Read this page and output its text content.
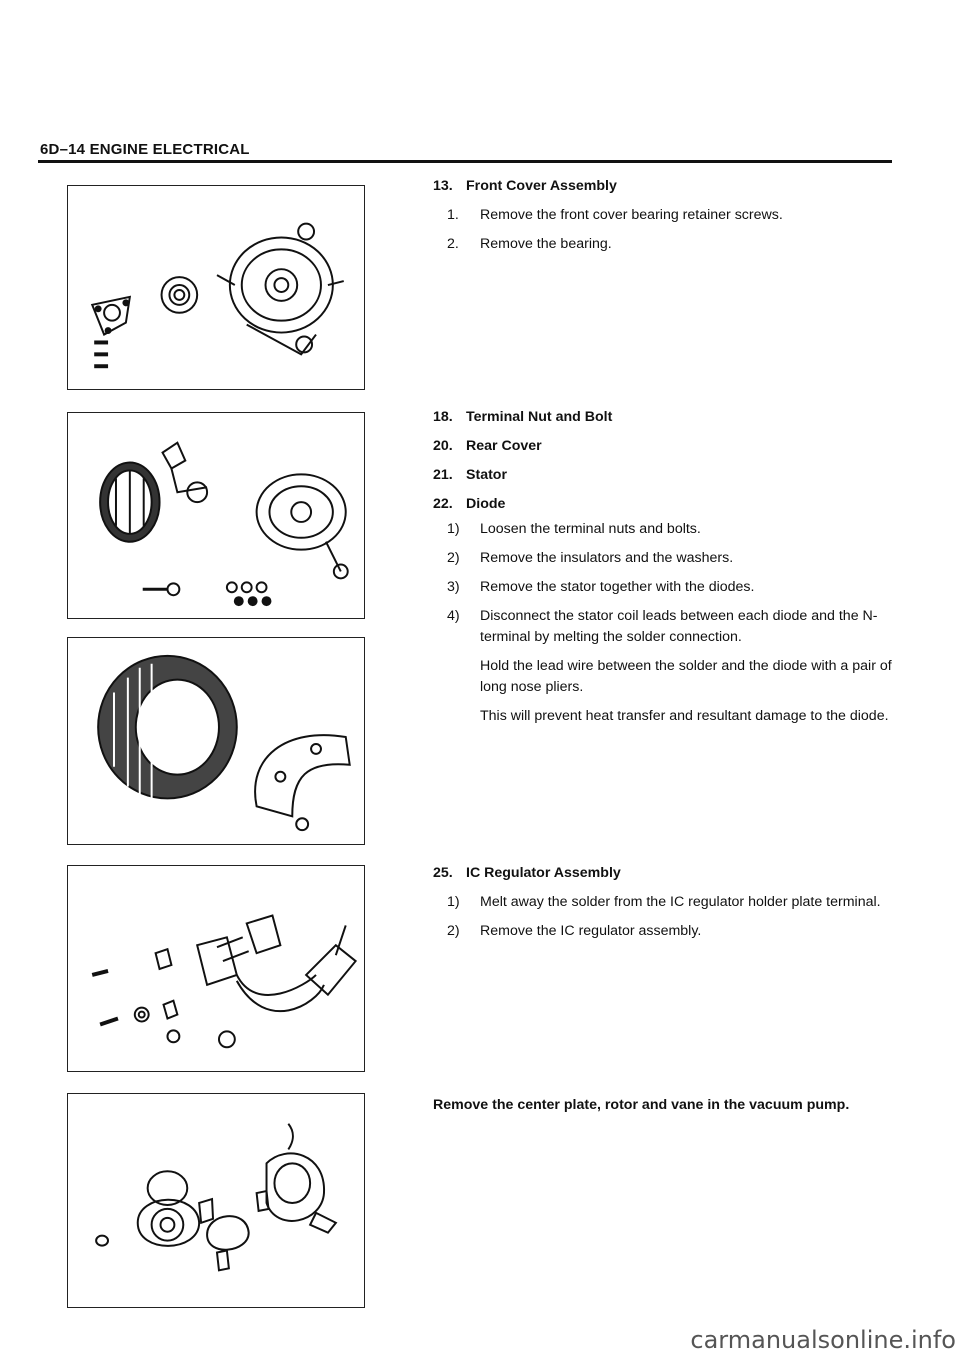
6D–14 ENGINE ELECTRICAL
13. Front Cover Assembly
1.	Remove the front cover bearing retainer screws.
2.	Remove the bearing.
18. Terminal Nut and Bolt
20. Rear Cover
21. Stator
22. Diode
1)	Loosen the terminal nuts and bolts.
2)	Remove the insulators and the washers.
3)	Remove the stator together with the diodes.
4)	Disconnect the stator coil leads between each diode and the N-terminal by melting the solder connection.
Hold the lead wire between the solder and the diode with a pair of long nose pliers.
This will prevent heat transfer and resultant damage to the diode.
25. IC Regulator Assembly
1)	Melt away the solder from the IC regulator holder plate terminal.
2)	Remove the IC regulator assembly.
Remove the center plate, rotor and vane in the vacuum pump.
carmanualsonline.info
